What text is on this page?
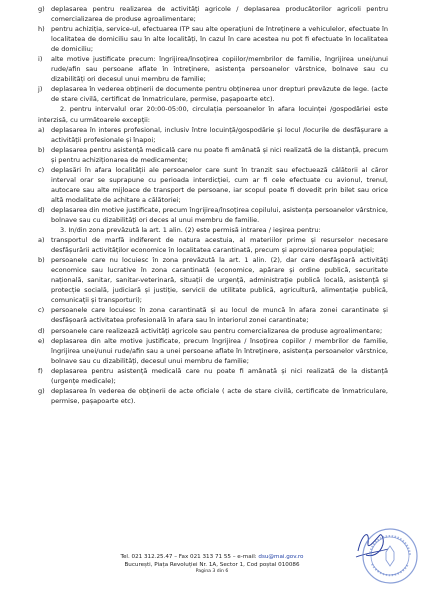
g) deplasarea pentru realizarea de activități agricole / deplasarea producătorilor agricoli pentru comercializarea de produse agroalimentare;
h) pentru achiziția, service-ul, efectuarea ITP sau alte operațiuni de întreținere a vehiculelor, efectuate în localitatea de domiciliu sau în alte localități, în cazul în care acestea nu pot fi efectuate în localitatea de domiciliu;
i)	alte motive justificate precum: îngrijirea/însoțirea copiilor/membrilor de familie, îngrijirea unei/unui rude/afin sau persoane aflate în întreținere, asistența persoanelor vârstnice, bolnave sau cu dizabilități ori decesul unui membru de familie;
j)	deplasarea în vederea obținerii de documente pentru obținerea unor drepturi prevăzute de lege. (acte de stare civilă, certificat de înmatriculare, permise, pașapoarte etc).
2. pentru intervalul orar 20:00-05:00, circulația persoanelor în afara locuinței /gospodăriei este interzisă, cu următoarele excepții:
a) deplasarea în interes profesional, inclusiv între locuință/gospodărie și locul /locurile de desfășurare a activității profesionale și înapoi;
b) deplasarea pentru asistență medicală care nu poate fi amânată și nici realizată de la distanță, precum și pentru achiziționarea de medicamente;
c)	deplasări în afara localității ale persoanelor care sunt în tranzit sau efectuează călătorii al căror interval orar se suprapune cu perioada interdicției, cum ar fi cele efectuate cu avionul, trenul, autocare sau alte mijloace de transport de persoane, iar scopul poate fi dovedit prin bilet sau orice altă modalitate de achitare a călătoriei;
d) deplasarea din motive justificate, precum îngrijirea/însoțirea copilului, asistența persoanelor vârstnice, bolnave sau cu dizabilități ori deces al unui membru de familie.
3. In/din zona prevăzută la art. 1 alin. (2) este permisă intrarea / ieșirea pentru:
a) transportul de marfă indiferent de natura acestuia, al materiilor prime și resurselor necesare desfășurării activităților economice în localitatea carantinată, precum și aprovizionarea populației;
b) persoanele care nu locuiesc în zona prevăzută la art. 1 alin. (2), dar care desfășoară activități economice sau lucrative în zona carantinată (economice, apărare și ordine publică, securitate națională, sanitar, sanitar-veterinară, situații de urgență, administrație publică locală, asistență și protecție socială, judiciară și justiție, servicii de utilitate publică, agricultură, alimentație publică, comunicații și transporturi);
c)	persoanele care locuiesc în zona carantinată și au locul de muncă în afara zonei carantinate și desfășoară activitatea profesională în afara sau în interiorul zonei carantinate;
d) persoanele care realizează activități agricole sau pentru comercializarea de produse agroalimentare;
e) deplasarea din alte motive justificate, precum îngrijirea / însoțirea copiilor / membrilor de familie, îngrijirea unei/unui rude/afin sau a unei persoane aflate în întreținere, asistența persoanelor vârstnice, bolnave sau cu dizabilități, decesul unui membru de familie;
f)	deplasarea pentru asistență medicală care nu poate fi amânată și nici realizată de la distanță (urgențe medicale);
g) deplasarea în vederea de obținerii de acte oficiale ( acte de stare civilă, certificate de înmatriculare, permise, pașapoarte etc).
Tel. 021 312.25.47 – Fax 021 313 71 55 – e-mail: dsu@mai.gov.ro
București, Piața Revoluției Nr. 1A, Sector 1, Cod poștal 010086
Pagina 3 din 6
